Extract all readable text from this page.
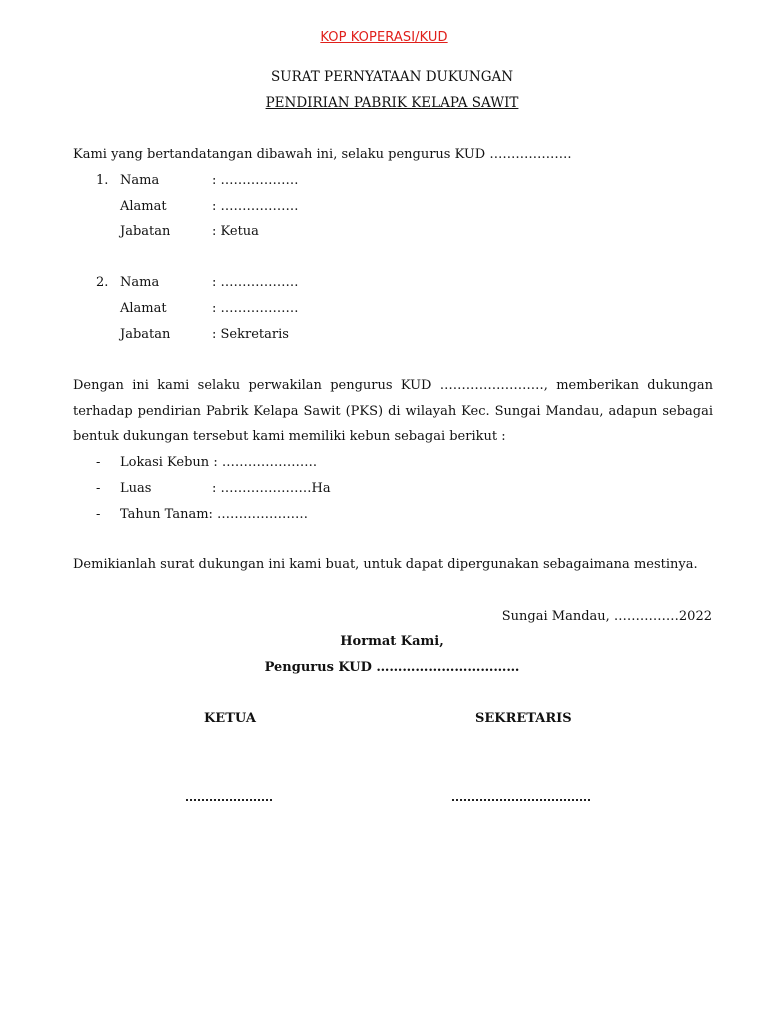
KOP KOPERASI/KUD
SURAT PERNYATAAN DUKUNGAN
PENDIRIAN PABRIK KELAPA SAWIT
Kami yang bertandatangan dibawah ini, selaku pengurus KUD ……………….
1. Nama	: ………………
Alamat	: ………………
Jabatan	: Ketua
2. Nama	: ………………
Alamat	: ………………
Jabatan	: Sekretaris
Dengan ini kami selaku perwakilan pengurus KUD ……………………, memberikan dukungan terhadap pendirian Pabrik Kelapa Sawit (PKS) di wilayah Kec. Sungai Mandau, adapun sebagai bentuk dukungan tersebut kami memiliki kebun sebagai berikut :
- Lokasi Kebun : ………………….
- Luas	: …………………Ha
- Tahun Tanam: …………………
Demikianlah surat dukungan ini kami buat, untuk dapat dipergunakan sebagaimana mestinya.
Sungai Mandau, ……………2022
Hormat Kami,
Pengurus KUD ……………………………
KETUA	SEKRETARIS
